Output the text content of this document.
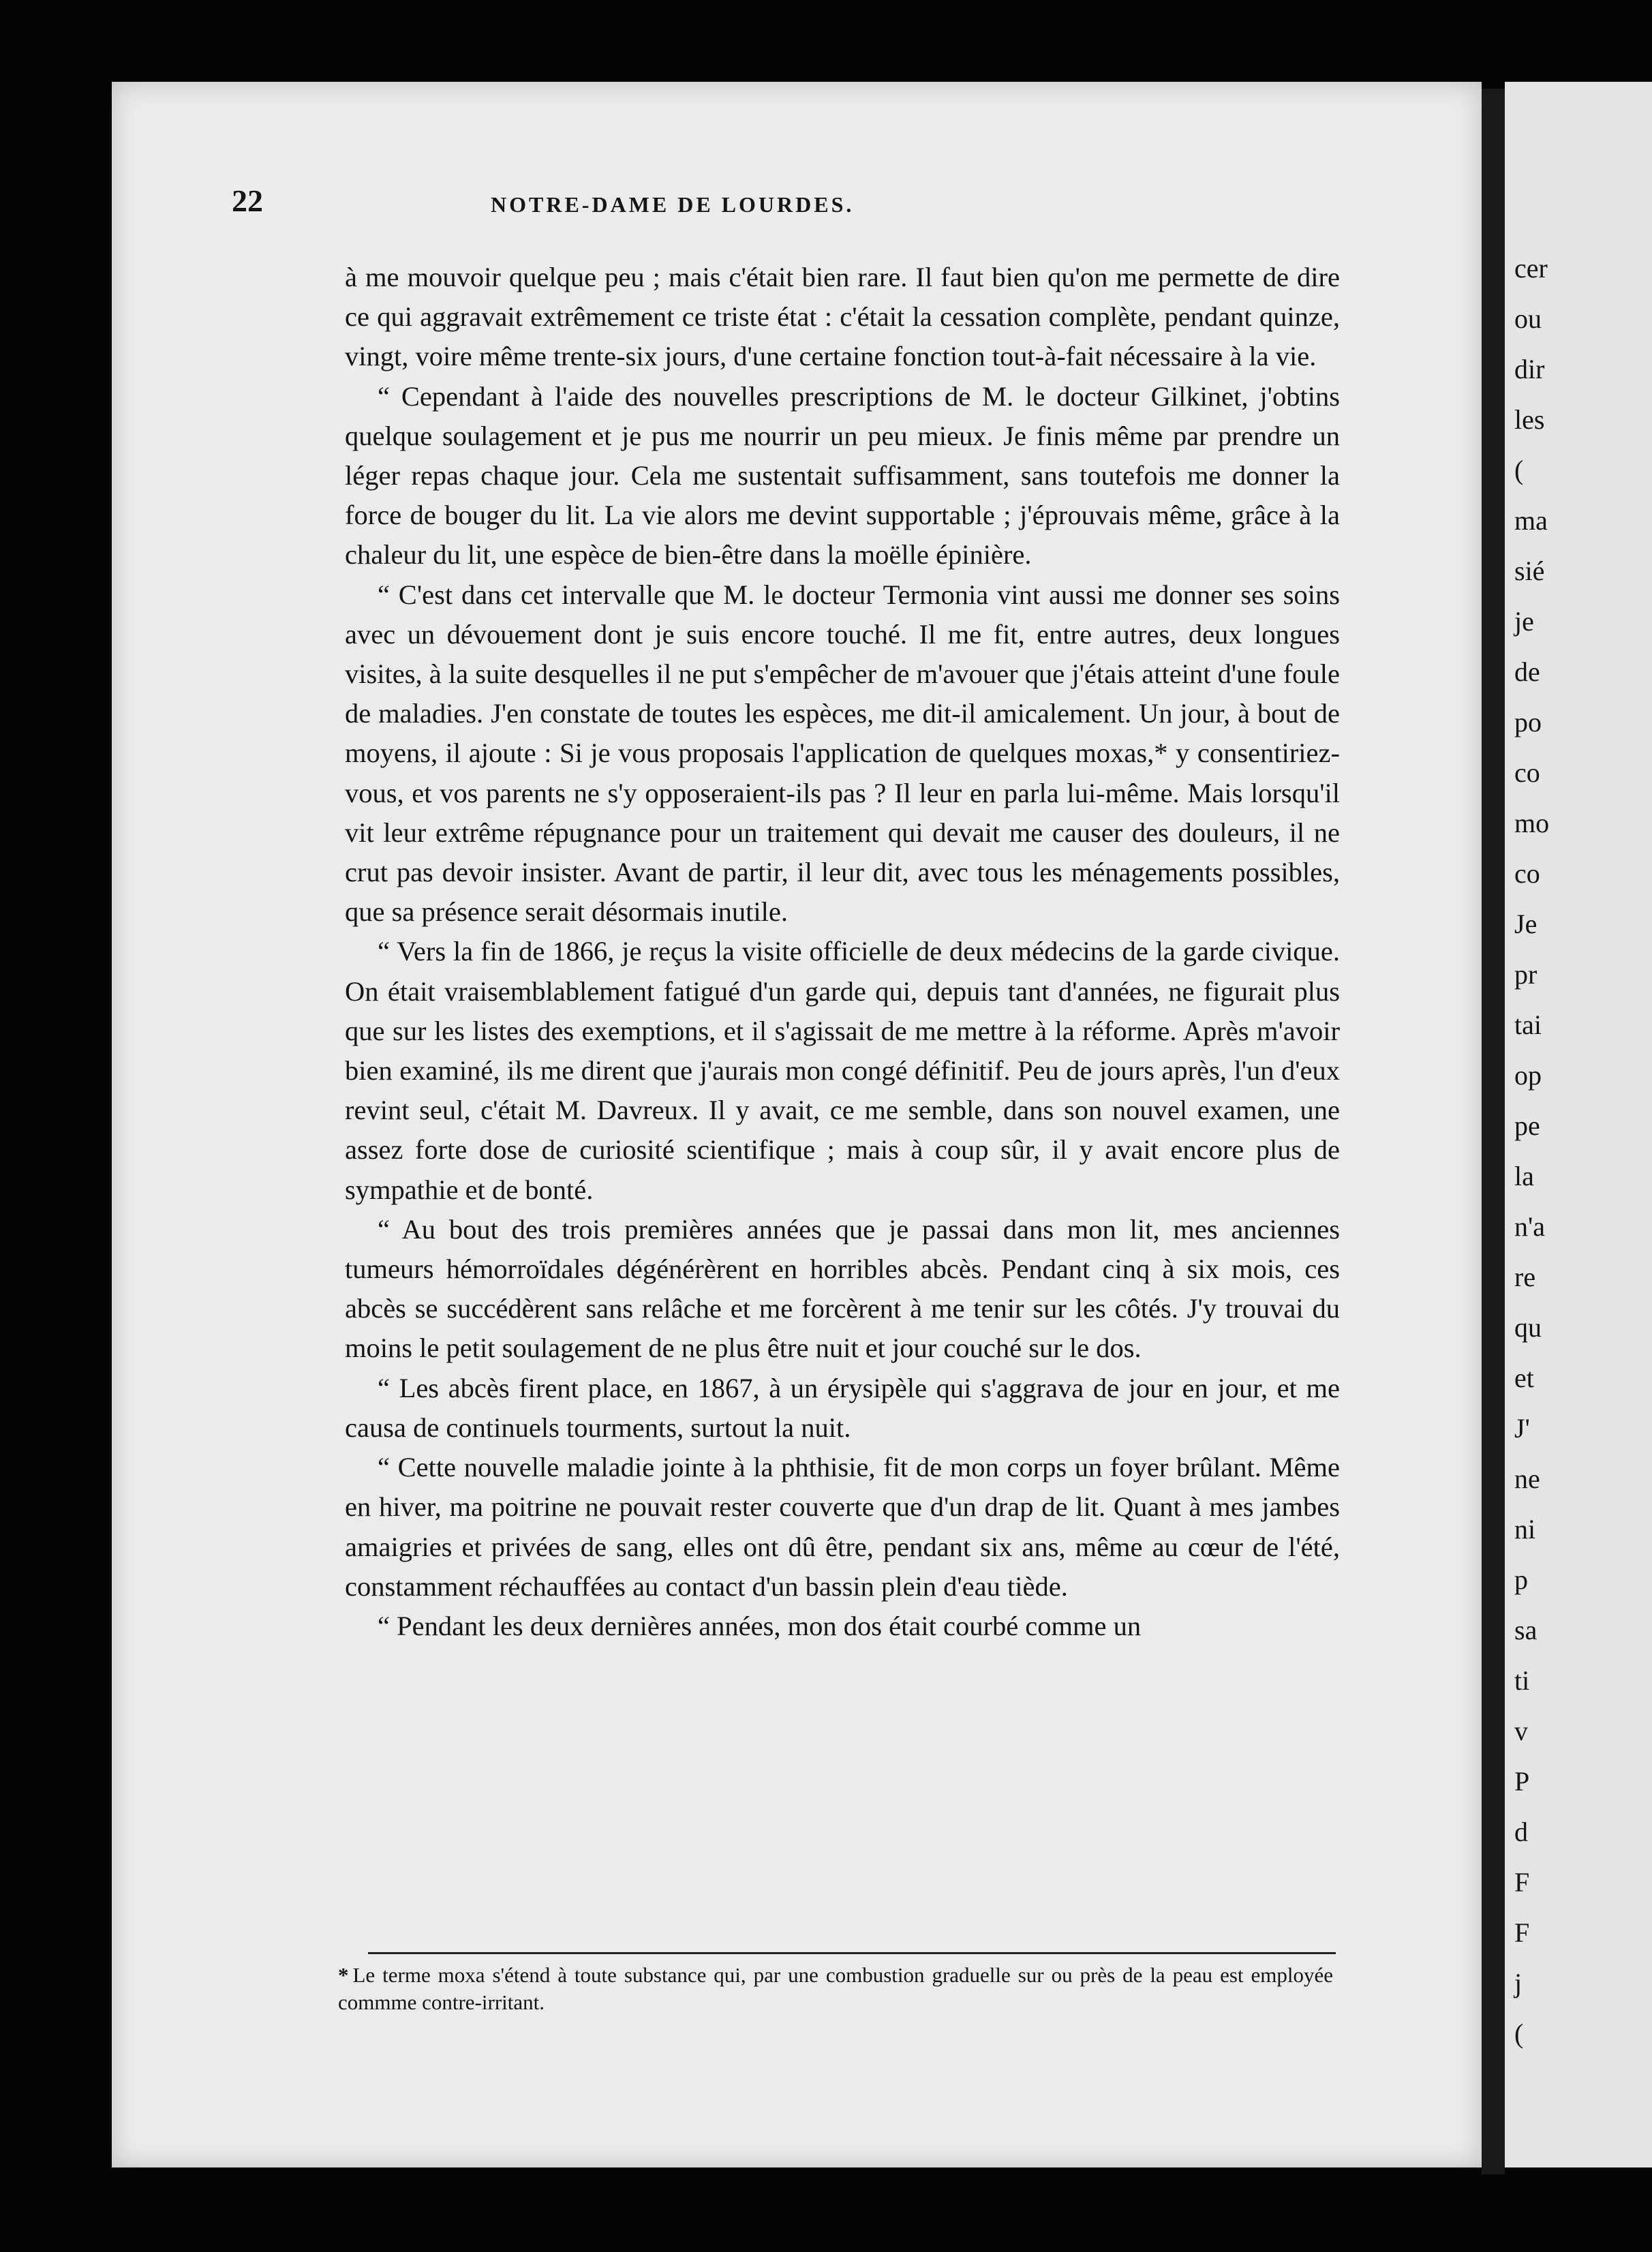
cer
ou
dir
les
(
ma
sié
je
de
po
co
mo
co
Je
pr
tai
op
pe
la
n'a
re
qu
et
J'
ne
ni
p
sa
ti
v
P
d
F
F
j
(
22	NOTRE-DAME DE LOURDES.

à me mouvoir quelque peu ; mais c'était bien rare. Il faut bien qu'on me permette de dire ce qui aggravait extrêmement ce triste état : c'était la cessation complète, pendant quinze, vingt, voire même trente-six jours, d'une certaine fonction tout-à-fait nécessaire à la vie.

“ Cependant à l'aide des nouvelles prescriptions de M. le docteur Gilkinet, j'obtins quelque soulagement et je pus me nourrir un peu mieux. Je finis même par prendre un léger repas chaque jour. Cela me sustentait suffisamment, sans toutefois me donner la force de bouger du lit. La vie alors me devint supportable ; j'éprouvais même, grâce à la chaleur du lit, une espèce de bien-être dans la moëlle épinière.

“ C'est dans cet intervalle que M. le docteur Termonia vint aussi me donner ses soins avec un dévouement dont je suis encore touché. Il me fit, entre autres, deux longues visites, à la suite desquelles il ne put s'empêcher de m'avouer que j'étais atteint d'une foule de maladies. J'en constate de toutes les espèces, me dit-il amicalement. Un jour, à bout de moyens, il ajoute : Si je vous proposais l'application de quelques moxas,* y consentiriez-vous, et vos parents ne s'y opposeraient-ils pas ? Il leur en parla lui-même. Mais lorsqu'il vit leur extrême répugnance pour un traitement qui devait me causer des douleurs, il ne crut pas devoir insister. Avant de partir, il leur dit, avec tous les ménagements possibles, que sa présence serait désormais inutile.

“ Vers la fin de 1866, je reçus la visite officielle de deux médecins de la garde civique. On était vraisemblablement fatigué d'un garde qui, depuis tant d'années, ne figurait plus que sur les listes des exemptions, et il s'agissait de me mettre à la réforme. Après m'avoir bien examiné, ils me dirent que j'aurais mon congé définitif. Peu de jours après, l'un d'eux revint seul, c'était M. Davreux. Il y avait, ce me semble, dans son nouvel examen, une assez forte dose de curiosité scientifique ; mais à coup sûr, il y avait encore plus de sympathie et de bonté.

“ Au bout des trois premières années que je passai dans mon lit, mes anciennes tumeurs hémorroïdales dégénérèrent en horribles abcès. Pendant cinq à six mois, ces abcès se succédèrent sans relâche et me forcèrent à me tenir sur les côtés. J'y trouvai du moins le petit soulagement de ne plus être nuit et jour couché sur le dos.

“ Les abcès firent place, en 1867, à un érysipèle qui s'aggrava de jour en jour, et me causa de continuels tourments, surtout la nuit.

“ Cette nouvelle maladie jointe à la phthisie, fit de mon corps un foyer brûlant. Même en hiver, ma poitrine ne pouvait rester couverte que d'un drap de lit. Quant à mes jambes amaigries et privées de sang, elles ont dû être, pendant six ans, même au cœur de l'été, constamment réchauffées au contact d'un bassin plein d'eau tiède.

“ Pendant les deux dernières années, mon dos était courbé comme un

* Le terme moxa s'étend à toute substance qui, par une combustion graduelle sur ou près de la peau est employée commme contre-irritant.
